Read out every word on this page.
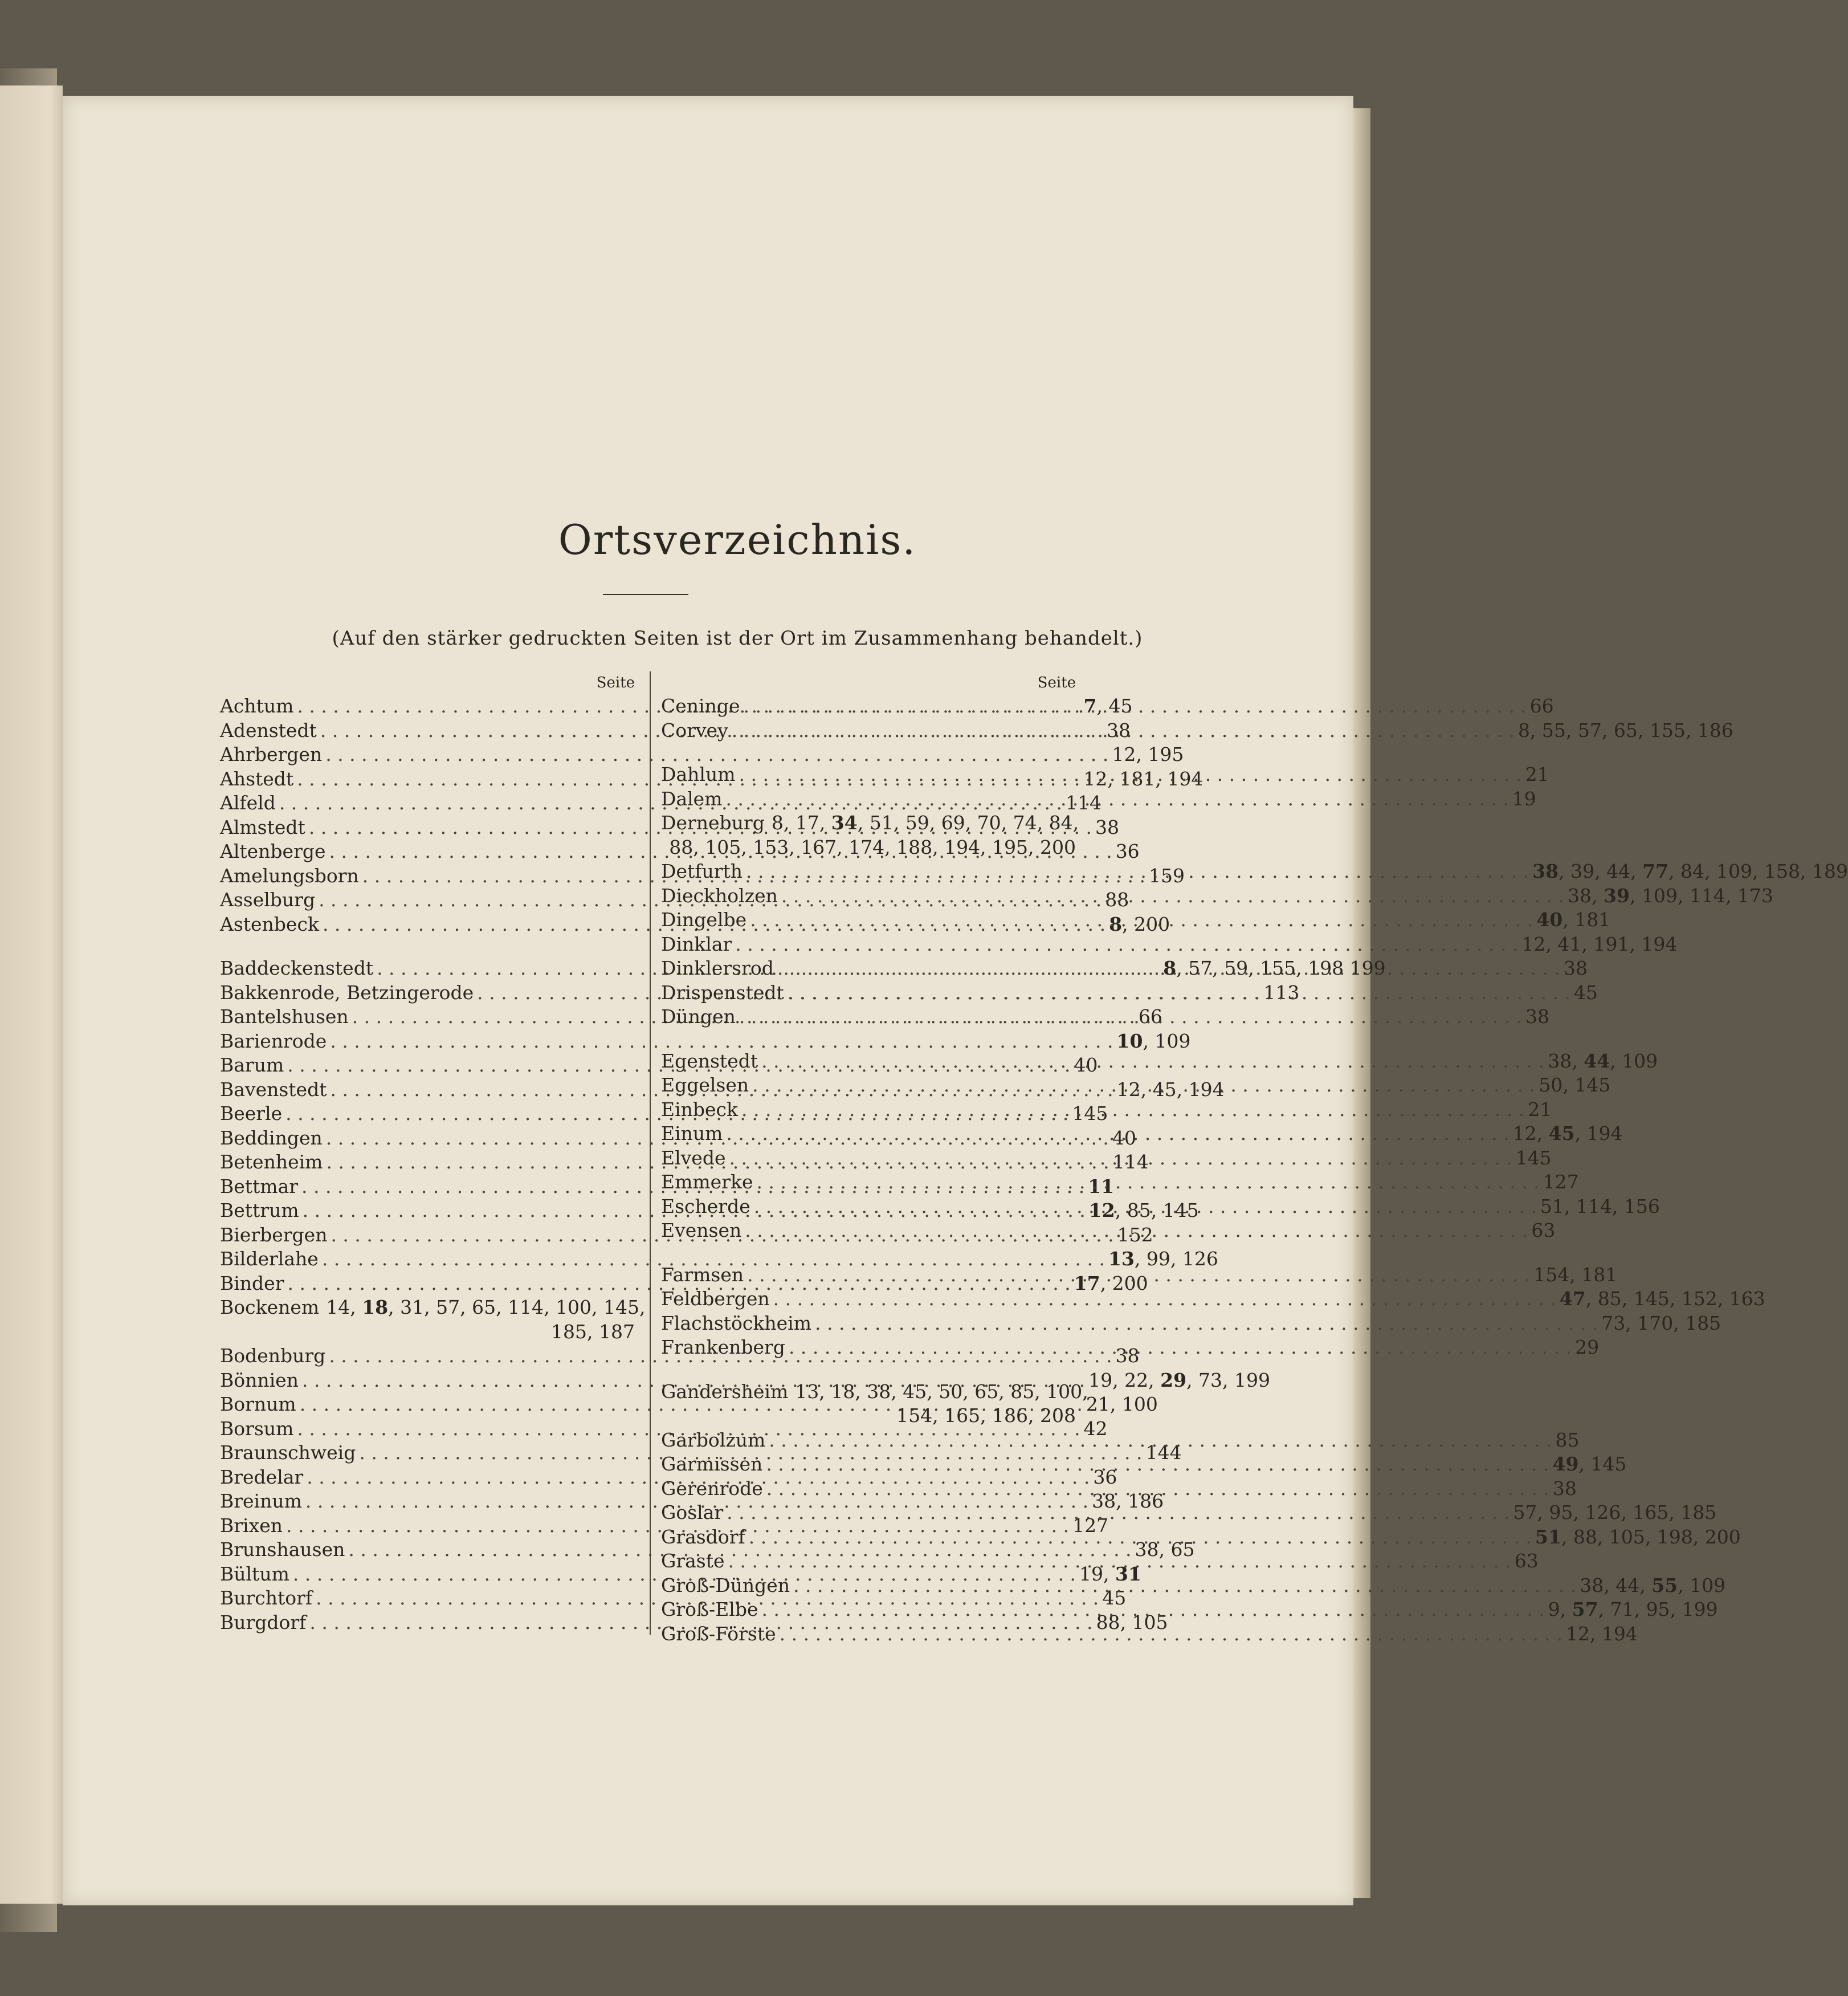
Ortsverzeichnis.
(Auf den stärker gedruckten Seiten ist der Ort im Zusammenhang behandelt.)
Seite
Achtum . . .	7, 45
Adenstedt . . .	38
Ahrbergen . . .	12, 195
Ahstedt . . .	12, 181, 194
Alfeld . . .	114
Almstedt . . .	38
Altenberge . . .	36
Amelungsborn . . .	159
Asselburg . . .	88
Astenbeck . . .	8, 200
Baddeckenstedt . . .	8, 57, 59, 155, 198 199
Bakkenrode, Betzingerode . . .	113
Bantelshusen . . .	66
Barienrode . . .	10, 109
Barum . . .	40
Bavenstedt . . .	12, 45, 194
Beerle . . .	145
Beddingen . . .	40
Betenheim . . .	114
Bettmar . . .	11
Bettrum . . .	12, 85, 145
Bierbergen . . .	152
Bilderlahe . . .	13, 99, 126
Binder . . .	17, 200
Bockenem 14, 18, 31, 57, 65, 114, 100, 145,
185, 187
Bodenburg . . .	38
Bönnien . . .	19, 22, 29, 73, 199
Bornum . . .	21, 100
Borsum . . .	42
Braunschweig . . .	144
Bredelar . . .	36
Breinum . . .	38, 186
Brixen . . .	127
Brunshausen . . .	38, 65
Bültum . . .	19, 31
Burchtorf . . .	45
Burgdorf . . .	88, 105
Seite
Ceninge . . .	66
Corvey . . .	8, 55, 57, 65, 155, 186
Dahlum . . .	21
Dalem . . .	19
Derneburg 8, 17, 34, 51, 59, 69, 70, 74, 84,
88, 105, 153, 167, 174, 188, 194, 195, 200
Detfurth . . .	38, 39, 44, 77, 84, 109, 158, 189
Dieckholzen . . .	38, 39, 109, 114, 173
Dingelbe . . .	40, 181
Dinklar . . .	12, 41, 191, 194
Dinklersrod . . .	38
Drispenstedt . . .	45
Düngen . . .	38
Egenstedt . . .	38, 44, 109
Eggelsen . . .	50, 145
Einbeck . . .	21
Einum . . .	12, 45, 194
Elvede . . .	145
Emmerke . . .	127
Escherde . . .	51, 114, 156
Evensen . . .	63
Farmsen . . .	154, 181
Feldbergen . . .	47, 85, 145, 152, 163
Flachstöckheim . . .	73, 170, 185
Frankenberg . . .	29
Gandersheim 13, 18, 38, 45, 50, 65, 85, 100,
154, 165, 186, 208
Garbolzum . . .	85
Garmissen . . .	49, 145
Gerenrode . . .	38
Goslar . . .	57, 95, 126, 165, 185
Grasdorf . . .	51, 88, 105, 198, 200
Graste . . .	63
Groß-Düngen . . .	38, 44, 55, 109
Groß-Elbe . . .	9, 57, 71, 95, 199
Groß-Förste . . .	12, 194
